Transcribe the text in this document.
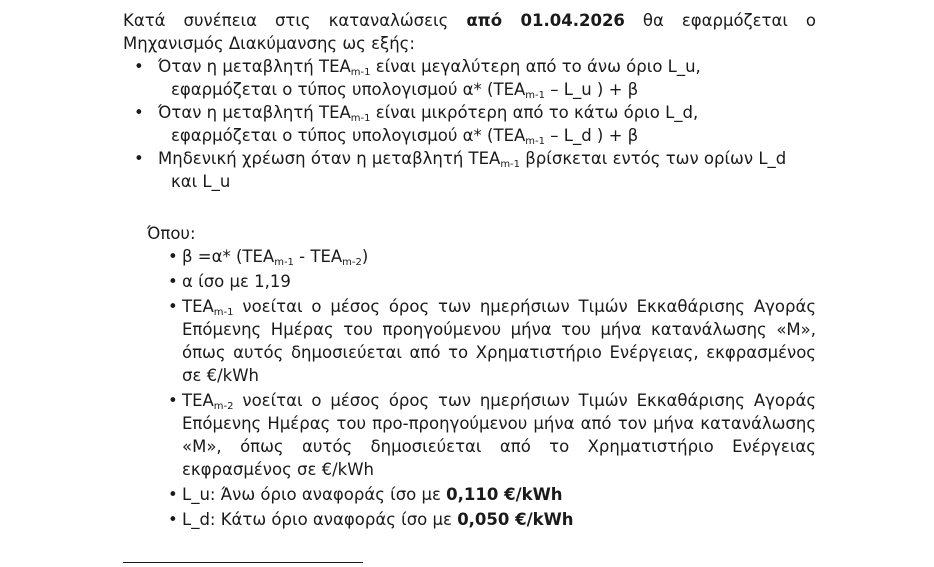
Κατά συνέπεια στις καταναλώσεις από 01.04.2026 θα εφαρμόζεται ο Μηχανισμός Διακύμανσης ως εξής:

• Όταν η μεταβλητή $TEA_{m-1}$ είναι μεγαλύτερη από το άνω όριο L_u,
εφαρμόζεται ο τύπος υπολογισμού α* ($TEA_{m-1}$ – L_u ) + β
• Όταν η μεταβλητή $TEA_{m-1}$ είναι μικρότερη από το κάτω όριο L_d,
εφαρμόζεται ο τύπος υπολογισμού α* ($TEA_{m-1}$ – L_d ) + β
• Μηδενική χρέωση όταν η μεταβλητή $TEA_{m-1}$ βρίσκεται εντός των ορίων L_d
και L_u

Όπου:

• β =α* $(TEA_{m-1} - TEA_{m-2})$
• α ίσο με 1,19
• $TEA_{m-1}$ νοείται ο μέσος όρος των ημερήσιων Τιμών Εκκαθάρισης Αγοράς Επόμενης Ημέρας του προηγούμενου μήνα του μήνα κατανάλωσης «Μ», όπως αυτός δημοσιεύεται από το Χρηματιστήριο Ενέργειας, εκφρασμένος σε €/kWh
• $TEA_{m-2}$ νοείται ο μέσος όρος των ημερήσιων Τιμών Εκκαθάρισης Αγοράς Επόμενης Ημέρας του προ-προηγούμενου μήνα από τον μήνα κατανάλωσης «Μ», όπως αυτός δημοσιεύεται από το Χρηματιστήριο Ενέργειας εκφρασμένος σε €/kWh
• L_u: Άνω όριο αναφοράς ίσο με 0,110 €/kWh
• L_d: Κάτω όριο αναφοράς ίσο με 0,050 €/kWh
